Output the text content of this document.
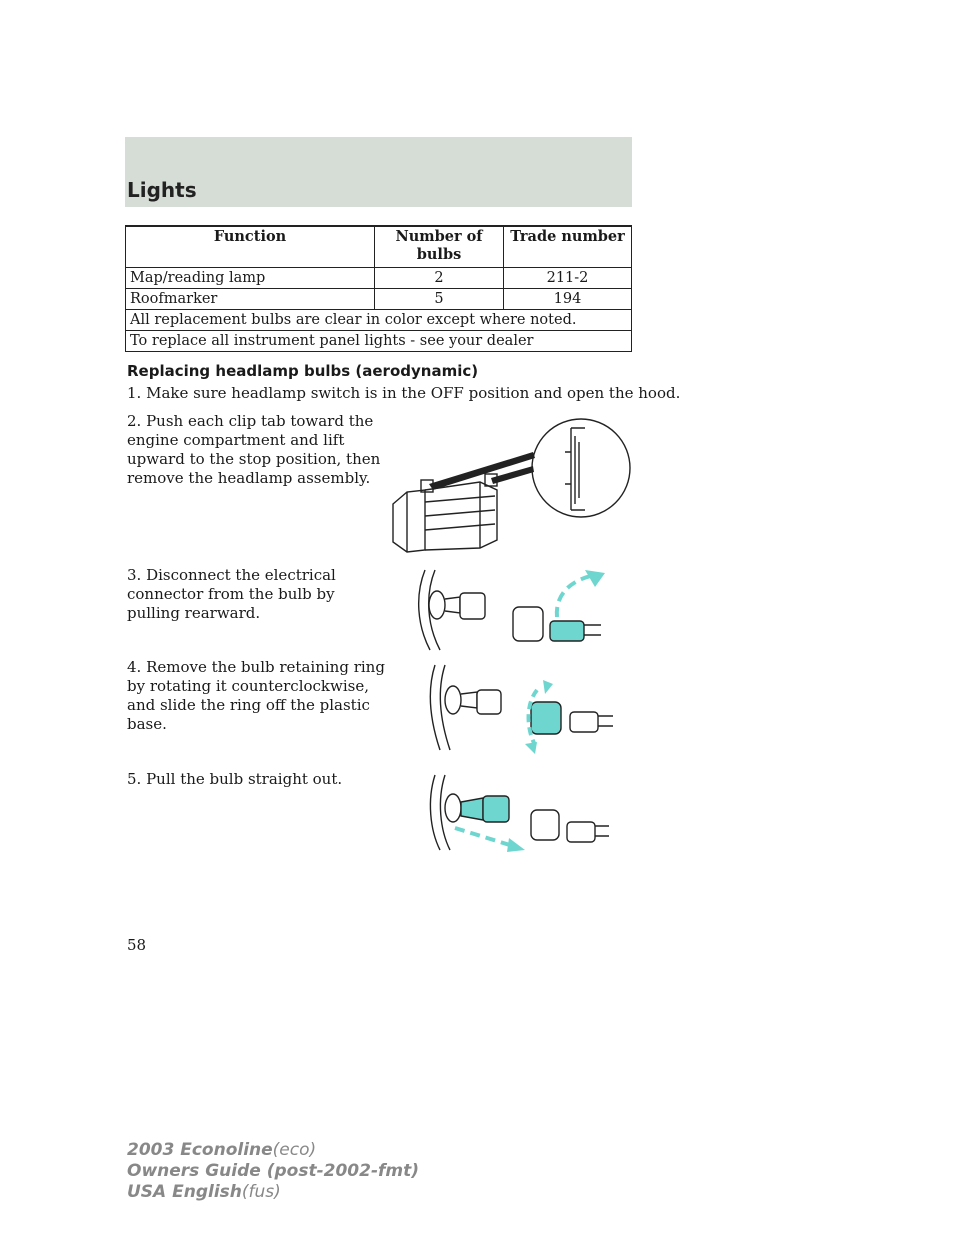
Lights
Function	Number of bulbs	Trade number
Map/reading lamp	2	211-2
Roofmarker	5	194
All replacement bulbs are clear in color except where noted.		
To replace all instrument panel lights - see your dealer		
Replacing headlamp bulbs (aerodynamic)
1. Make sure headlamp switch is in the OFF position and open the hood.
2. Push each clip tab toward the engine compartment and lift upward to the stop position, then remove the headlamp assembly.
3. Disconnect the electrical connector from the bulb by pulling rearward.
4. Remove the bulb retaining ring by rotating it counterclockwise, and slide the ring off the plastic base.
5. Pull the bulb straight out.
58
2003 Econoline(eco)
Owners Guide (post-2002-fmt)
USA English(fus)
